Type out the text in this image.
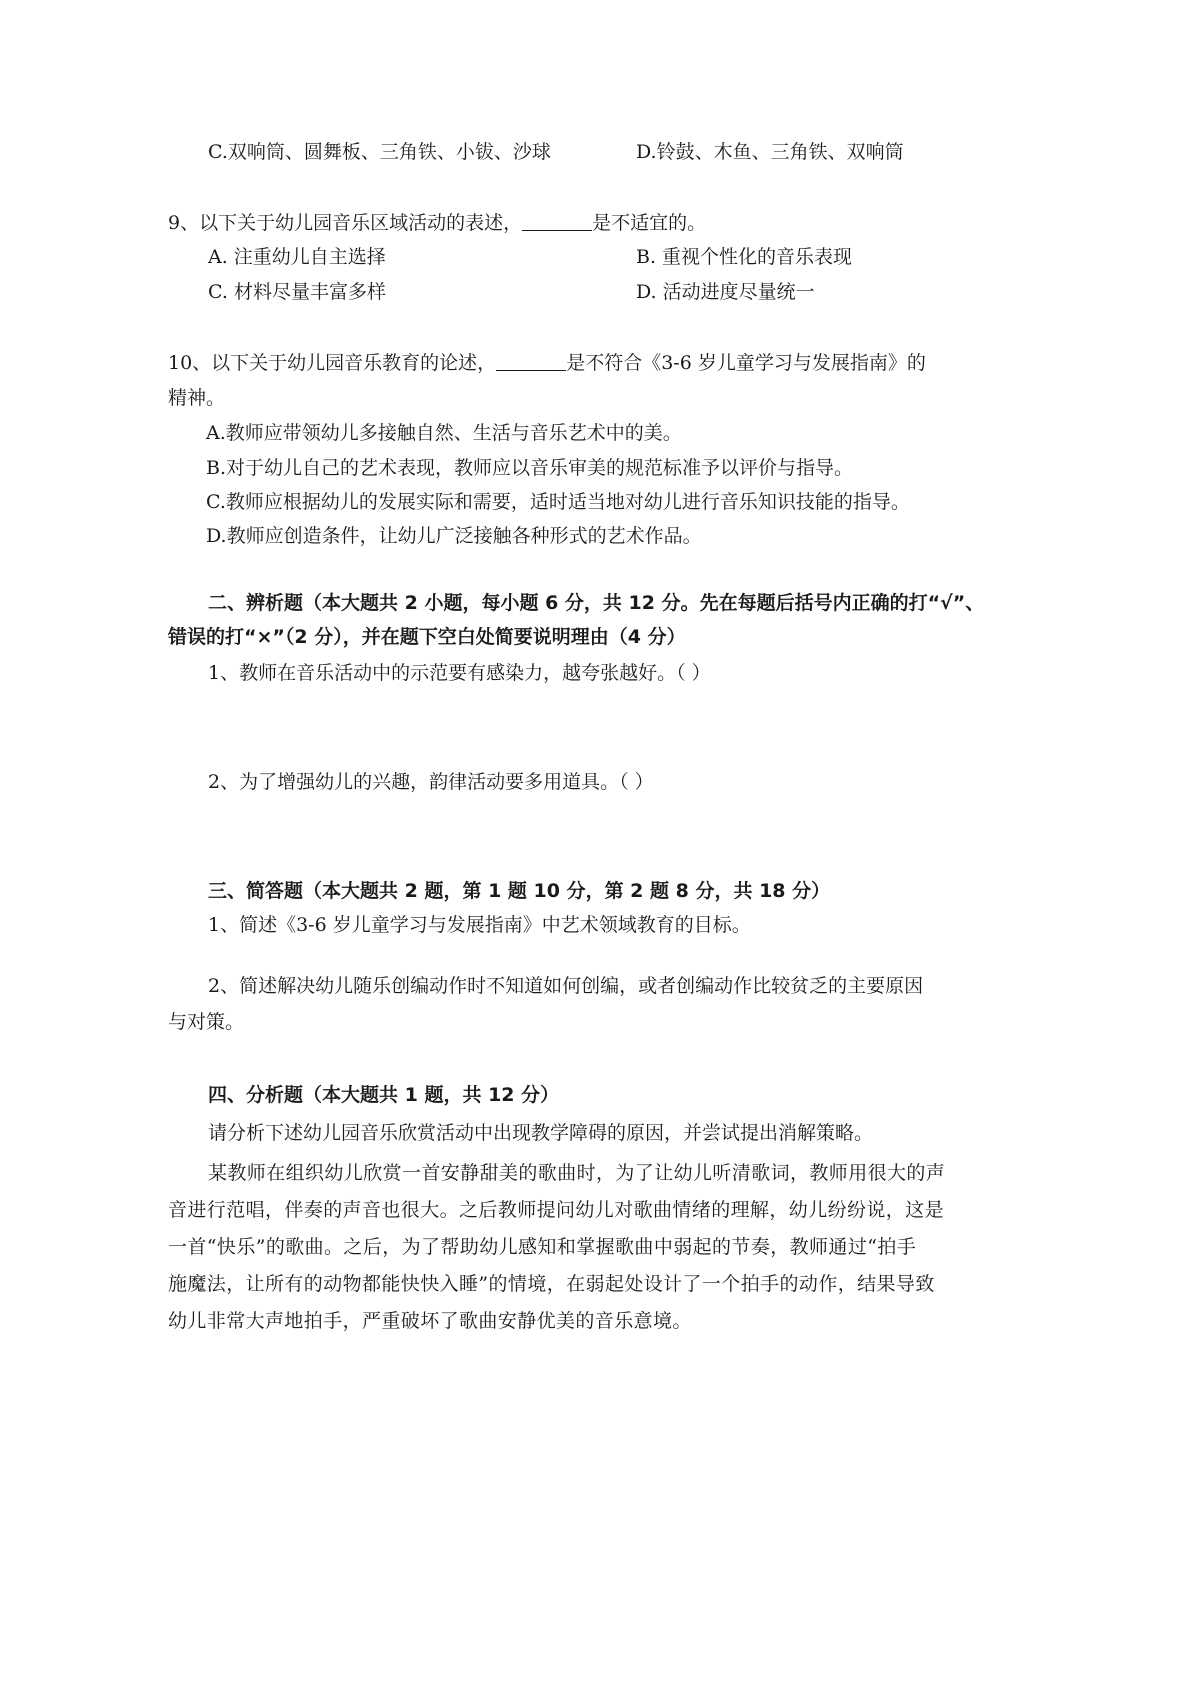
C.双响筒、圆舞板、三角铁、小钹、沙球	D.铃鼓、木鱼、三角铁、双响筒
9、以下关于幼儿园音乐区域活动的表述，	是不适宜的。
A. 注重幼儿自主选择	B. 重视个性化的音乐表现
C. 材料尽量丰富多样	D. 活动进度尽量统一
10、以下关于幼儿园音乐教育的论述，	是不符合《3-6 岁儿童学习与发展指南》的
精神。
A.教师应带领幼儿多接触自然、生活与音乐艺术中的美。
B.对于幼儿自己的艺术表现，教师应以音乐审美的规范标准予以评价与指导。
C.教师应根据幼儿的发展实际和需要，适时适当地对幼儿进行音乐知识技能的指导。
D.教师应创造条件，让幼儿广泛接触各种形式的艺术作品。
二、辨析题（本大题共 2 小题，每小题 6 分，共 12 分。先在每题后括号内正确的打“√”、
错误的打“×”（2 分），并在题下空白处简要说明理由（4 分）
1、教师在音乐活动中的示范要有感染力，越夸张越好。（ ）
2、为了增强幼儿的兴趣，韵律活动要多用道具。（ ）
三、简答题（本大题共 2 题，第 1 题 10 分，第 2 题 8 分，共 18 分）
1、简述《3-6 岁儿童学习与发展指南》中艺术领域教育的目标。
2、简述解决幼儿随乐创编动作时不知道如何创编，或者创编动作比较贫乏的主要原因
与对策。
四、分析题（本大题共 1 题，共 12 分）
请分析下述幼儿园音乐欣赏活动中出现教学障碍的原因，并尝试提出消解策略。
某教师在组织幼儿欣赏一首安静甜美的歌曲时，为了让幼儿听清歌词，教师用很大的声
音进行范唱，伴奏的声音也很大。之后教师提问幼儿对歌曲情绪的理解，幼儿纷纷说，这是
一首“快乐”的歌曲。之后，为了帮助幼儿感知和掌握歌曲中弱起的节奏，教师通过“拍手
施魔法，让所有的动物都能快快入睡”的情境，在弱起处设计了一个拍手的动作，结果导致
幼儿非常大声地拍手，严重破坏了歌曲安静优美的音乐意境。
